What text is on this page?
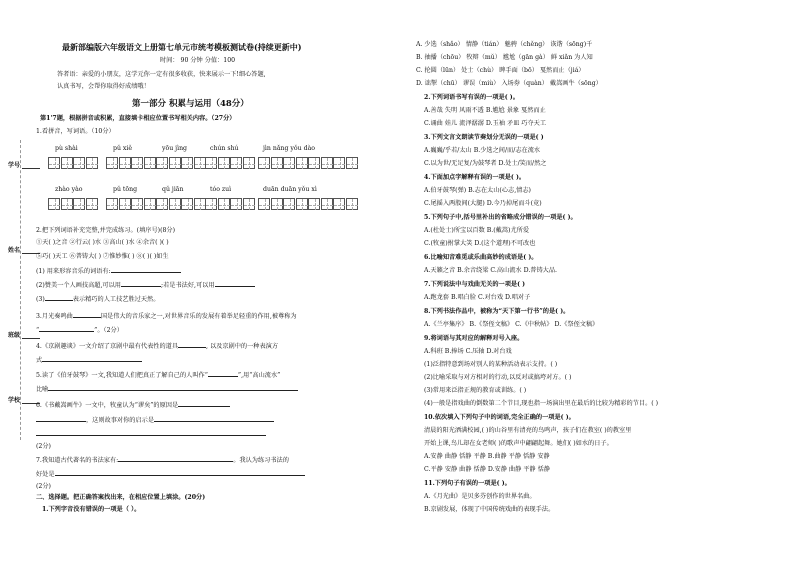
学号
姓名
班级
学校
最新部编版六年级语文上册第七单元市统考模板测试卷(持续更新中)
时间： 90 分钟 分值：100
答者语：亲爱的小朋友，这学元你一定有很多收获，快来展示一下!细心答题,
认真书写，会帮你取得好成绩哦！
第一部分 积累与运用（48分）
第1'7题，根据拼音或积累，直接填卡相应位置书写相关内容。（27分）
1.看拼音，写词语。（10分）
pù shài	pǔ xiě	yōu jìng	chún shú	jìn nǎng yǒu dào
zhào yào	pǔ tōng	qǔ jiān	tóo zuì	duān duān yǒu xì
2.把下列词语补充完整,并完成练习。(填序号)(8分)
①天( )之音 ②行云( )水 ③高山( )水 ④余音( )( )
⑤巧( )天工 ⑥普铸大( ) ⑦惟妙惟( ) ⑧( )( )如生
(1) 用来形容音乐的词语有:
(2)赞美一个人画技高超,可以用	;若是书法好,可以用
(3)	表示精巧的人工技艺胜过天然。
3.月光奏鸣曲	国是伟大的音乐家之一,对世界音乐的发展有着举足轻重的作用,被尊称为
“	”。（2分）
4.《京剧趣谈》一文介绍了京剧中最有代表性的道具	, 以及京剧中的一种表演方
式
5.读了《伯牙鼓琴》一文,我知道人们把真正了解自己的人叫作“	”,用“高山流水”
比喻
6.《书戴嵩画牛》一文中，牧童认为“谬矣”的原因是
，这则故事对你的启示是
(2分)
7.我知道古代著名的书法家有:	。我认为练习书法的
好处是
(2分)
二、选择题。把正确答案找出来，在相应位置上填涂。(20分)
1.下列字音没有错误的一项是（ ）。
A. 少选（shǎo） 情静（tián） 魅骋（chěng） 诙谐（sōng)千
B. 抽播（chōu） 牧辩（mǔ） 尴尬（gān gà） 鲜 xiǎn 为人知
C. 抡圆（lūn） 处士（chù） 睥手面（bō） 戛然而止（jiá）
D. 诎掣（chū） 谬误（miù） 入场券（quàn） 戴嵩画牛（sōng）
2.下列词语书写有误的一项是( )。
A.善哉 失明 风雨不透 B.尴尬 景象 戛然而止
C.诵曲 娃儿 流泽潺潺 D.玉袖 矛皿 巧夺天工
3.下列文言文朗读节奏划分无误的一项是( )
A.巍巍/乎若/太山 B.少选之间/而/志在流水
C.以为世/无足复/为鼓琴者 D.处士/笑而/然之
4.下面加点字解释有误的一项是( )。
A.伯牙鼓琴(弹) B.志在太山(心志,情志)
C.尾摇入两股间(大腿) D.今乃掉尾而斗(竟)
5.下列句子中,括号里补出的省略成分错误的一项是( )。
A.(杜处士)所宝以百数 B.(戴嵩)尤所爱
C.(牧童)拊掌大笑 D.(这个道理)不可改也
6.比喻知音难觅或乐曲高妙的成语是( )。
A.天籁之音 B.余音绕梁 C.高山流水 D.普铸大品.
7.下列说法中与戏曲无关的一项是( )
A.跑龙套 B.唱白脸 C.对台戏 D.唱对子
8.下列书法作品中，被称为“天下第一行书”的是( )。
A.《兰亭集序》 B.《祭侄文稿》 C.《中秋帖》 D.《祭侄文稿》
9.将词语与其对应的解释对号入座。
A.科班 B.捧场 C.压轴 D.对台戏
(1)泛指特意到场对别人的某种活动表示支持。( )
(2)比喻采取与对方相对的行动,以反对或搞垮对方。( )
(3)常用来泛指正规的教育或训练。( )
(4)一般是指戏曲的倒数第二个节目,现也指一场演出里在最后的比较为精彩的节目。( )
10.依次填入下列句子中的词语,完全正确的一项是( )。
清晨的阳光洒满校园,( )的山谷里有清亮的鸟鸣声，孩子们在教室( )的教室里
开始上课,鸟儿却在女老师( )的歌声中翩翩起舞。她们( )如水的日子。
A.安静 曲静 恬静 平静 B.曲静 平静 恬静 安静
C.平静 安静 曲静 恬静 D.安静 曲静 平静 恬静
11.下列句子有误的一项是( )。
A.《月光曲》是贝多芬创作的世界名曲。
B.京剧发展，体现了中国传统戏曲的表现手法。
